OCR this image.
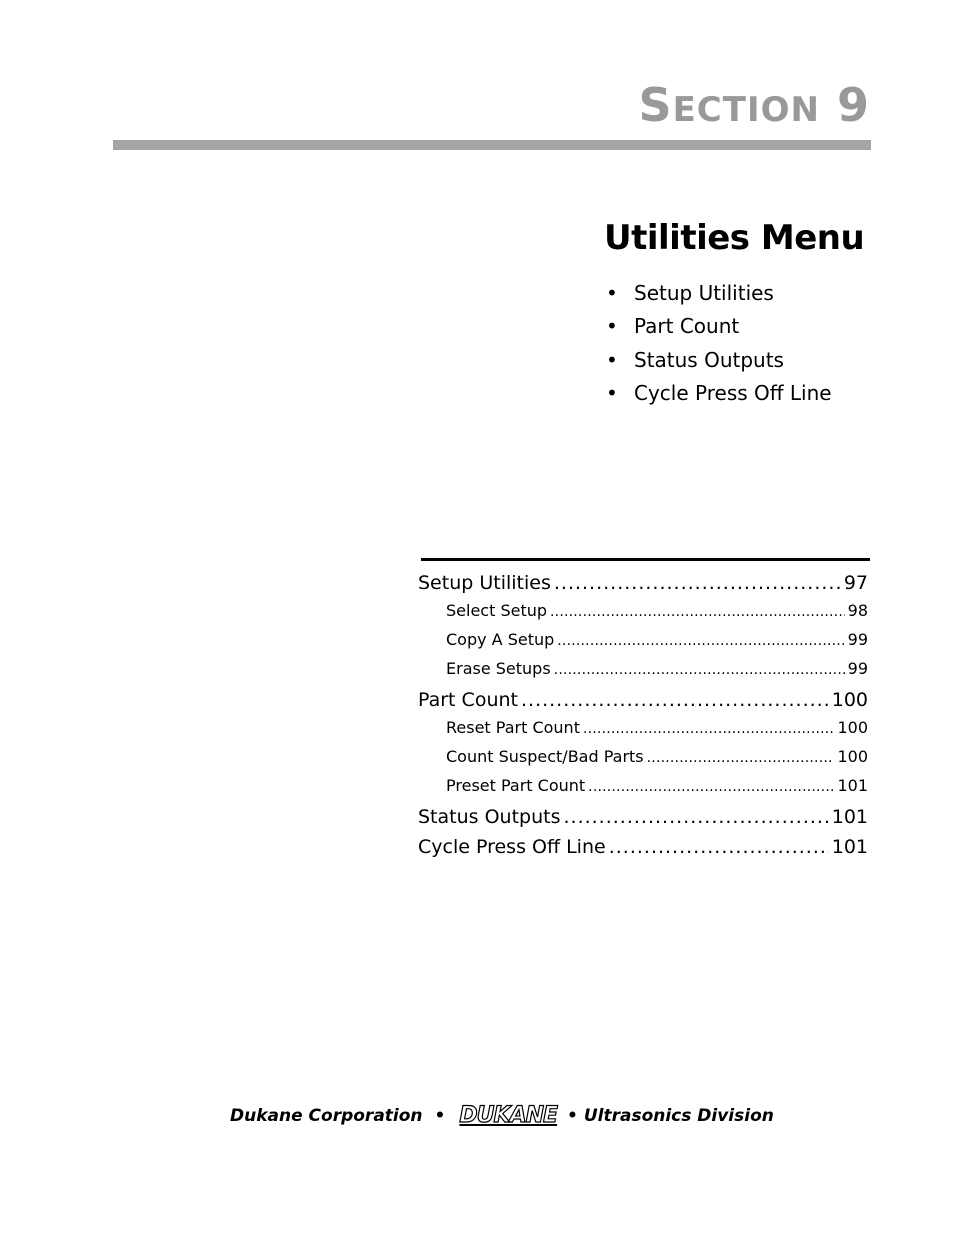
SECTION 9
Utilities Menu
• Setup Utilities
• Part Count
• Status Outputs
• Cycle Press Off Line
Setup Utilities .....	97
Select Setup .....	98
Copy A Setup .....	99
Erase Setups .....	99
Part Count .....	100
Reset Part Count .....	100
Count Suspect/Bad Parts .....	100
Preset Part Count .....	101
Status Outputs .....	101
Cycle Press Off Line .....	101
Dukane Corporation • DUKANE • Ultrasonics Division
